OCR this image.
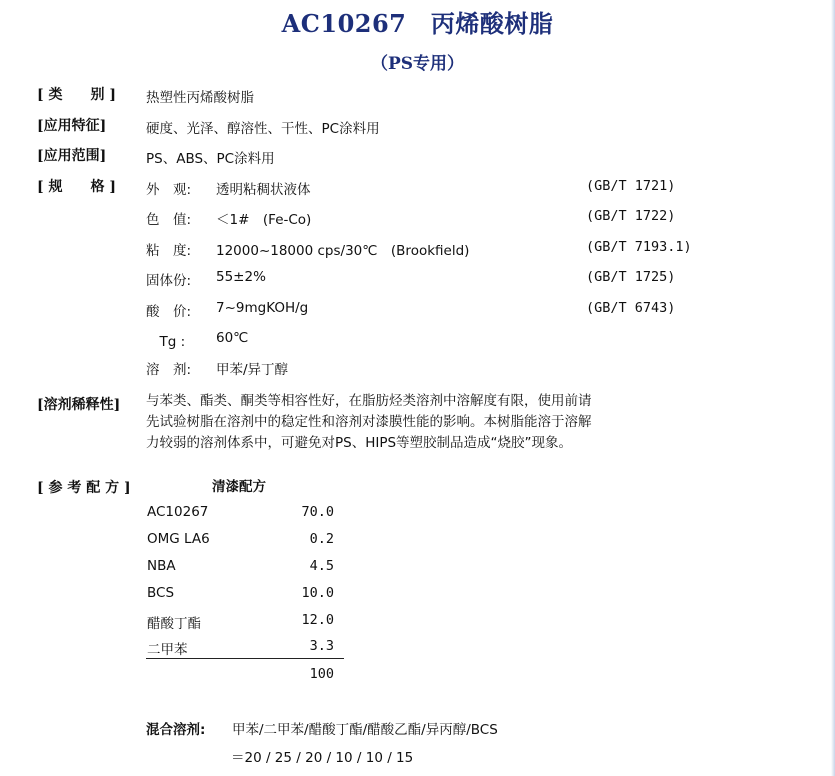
AC10267　丙烯酸树脂
（PS专用）
[ 类　　别 ] 热塑性丙烯酸树脂
[应用特征]	硬度、光泽、醇溶性、干性、PC涂料用
[应用范围]	PS、ABS、PC涂料用
[ 规　　格 ] 外　观: 透明粘稠状液体	(GB/T 1721)
色　值: ＜1#　(Fe-Co)	(GB/T 1722)
粘　度: 12000~18000 cps/30℃　(Brookfield)	(GB/T 7193.1)
固体份: 55±2%	(GB/T 1725)
酸　价: 7~9mgKOH/g	(GB/T 6743)
　Tg : 60℃
溶　剂: 甲苯/异丁醇
[溶剂稀释性] 与苯类、酯类、酮类等相容性好，在脂肪烃类溶剂中溶解度有限，使用前请
先试验树脂在溶剂中的稳定性和溶剂对漆膜性能的影响。本树脂能溶于溶解
力较弱的溶剂体系中，可避免对PS、HIPS等塑胶制品造成“烧胶”现象。
[ 参 考 配 方 ]	清漆配方
AC10267	70.0
OMG LA6	0.2
NBA	4.5
BCS	10.0
醋酸丁酯	12.0
二甲苯	3.3
100
混合溶剂: 甲苯/二甲苯/醋酸丁酯/醋酸乙酯/异丙醇/BCS
＝20 / 25 / 20 / 10 / 10 / 15
